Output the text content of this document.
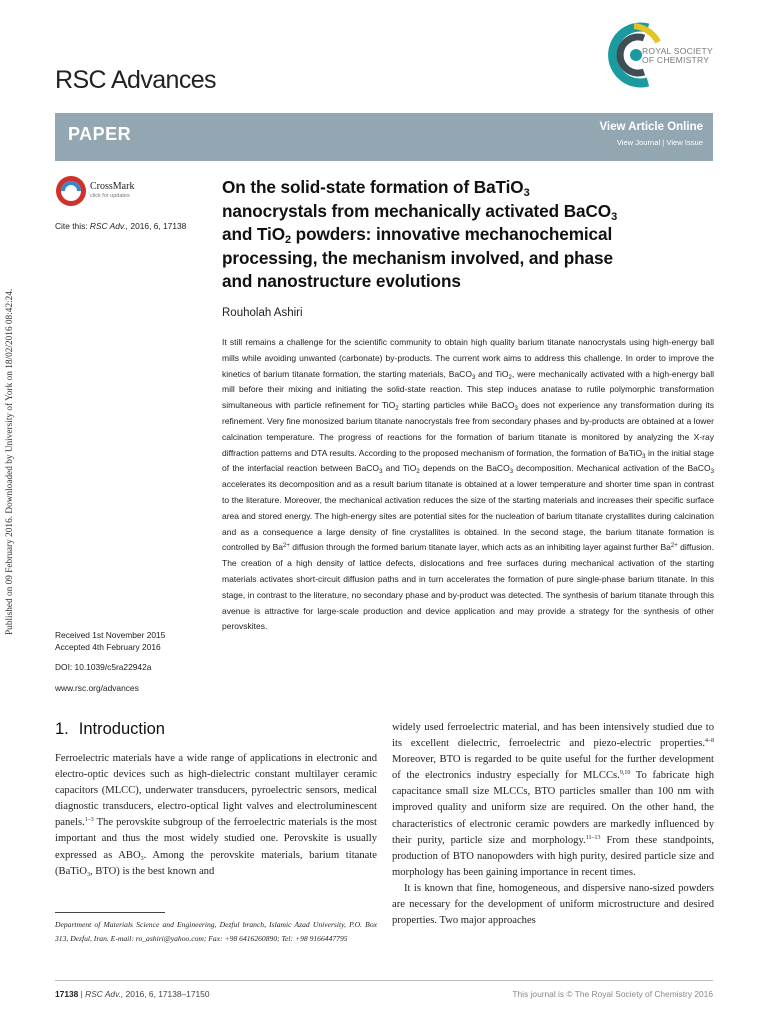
Published on 09 February 2016. Downloaded by University of York on 18/02/2016 08:42:24.
RSC Advances
ROYAL SOCIETY
OF CHEMISTRY
PAPER	View Article Online
View Journal | View Issue
CrossMark
click for updates
Cite this: RSC Adv., 2016, 6, 17138
On the solid-state formation of BaTiO$_3$
nanocrystals from mechanically activated BaCO$_3$
and TiO$_2$ powders: innovative mechanochemical
processing, the mechanism involved, and phase
and nanostructure evolutions
Rouholah Ashiri
It still remains a challenge for the scientific community to obtain high quality barium titanate nanocrystals using high-energy ball mills while avoiding unwanted (carbonate) by-products. The current work aims to address this challenge. In order to improve the kinetics of barium titanate formation, the starting materials, BaCO$_3$ and TiO$_2$, were mechanically activated with a high-energy ball mill before their mixing and initiating the solid-state reaction. This step induces anatase to rutile polymorphic transformation simultaneous with particle refinement for TiO$_2$ starting particles while BaCO$_3$ does not experience any transformation during its refinement. Very fine monosized barium titanate nanocrystals free from secondary phases and by-products are obtained at a lower calcination temperature. The progress of reactions for the formation of barium titanate is monitored by analyzing the X-ray diffraction patterns and DTA results. According to the proposed mechanism of formation, the formation of BaTiO$_3$ in the initial stage of the interfacial reaction between BaCO$_3$ and TiO$_2$ depends on the BaCO$_3$ decomposition. Mechanical activation of the BaCO$_3$ accelerates its decomposition and as a result barium titanate is obtained at a lower temperature and shorter time span in contrast to the literature. Moreover, the mechanical activation reduces the size of the starting materials and increases their specific surface area and stored energy. The high-energy sites are potential sites for the nucleation of barium titanate crystallites during calcination and as a consequence a large density of fine crystallites is obtained. In the second stage, the barium titanate formation is controlled by $Ba^{2+}$ diffusion through the formed barium titanate layer, which acts as an inhibiting layer against further $Ba^{2+}$ diffusion. The creation of a high density of lattice defects, dislocations and free surfaces during mechanical activation of the starting materials activates short-circuit diffusion paths and in turn accelerates the formation of pure single-phase barium titanate. In this stage, in contrast to the literature, no secondary phase and by-product was detected. The synthesis of barium titanate through this avenue is attractive for large-scale production and device application and may provide a strategy for the synthesis of other perovskites.
Received 1st November 2015
Accepted 4th February 2016
DOI: 10.1039/c5ra22942a
www.rsc.org/advances
1. Introduction
Ferroelectric materials have a wide range of applications in electronic and electro-optic devices such as high-dielectric constant multilayer ceramic capacitors (MLCC), underwater transducers, pyroelectric sensors, medical diagnostic transducers, electro-optical light valves and electroluminescent panels.$^{1-3}$ The perovskite subgroup of the ferroelectric materials is the most important and thus the most widely studied one. Perovskite is usually expressed as $ABO_3$. Among the perovskite materials, barium titanate (BaTiO$_3$, BTO) is the best known and

widely used ferroelectric material, and has been intensively studied due to its excellent dielectric, ferroelectric and piezo-electric properties.$^{4-8}$ Moreover, BTO is regarded to be quite useful for the further development of the electronics industry especially for MLCCs.$^{9,10}$ To fabricate high capacitance small size MLCCs, BTO particles smaller than 100 nm with improved quality and uniform size are required. On the other hand, the characteristics of electronic ceramic powders are markedly influenced by their purity, particle size and morphology.$^{11-13}$ From these standpoints, production of BTO nanopowders with high purity, desired particle size and morphology has been gaining importance in recent times.

It is known that fine, homogeneous, and dispersive nano-sized powders are necessary for the development of uniform microstructure and desired properties. Two major approaches

Department of Materials Science and Engineering, Dezful branch, Islamic Azad University, P.O. Box 313, Dezful, Iran. E-mail: ro_ashiri@yahoo.com; Fax: +98 6416260890; Tel: +98 9166447795
17138 | RSC Adv., 2016, 6, 17138–17150	This journal is © The Royal Society of Chemistry 2016
